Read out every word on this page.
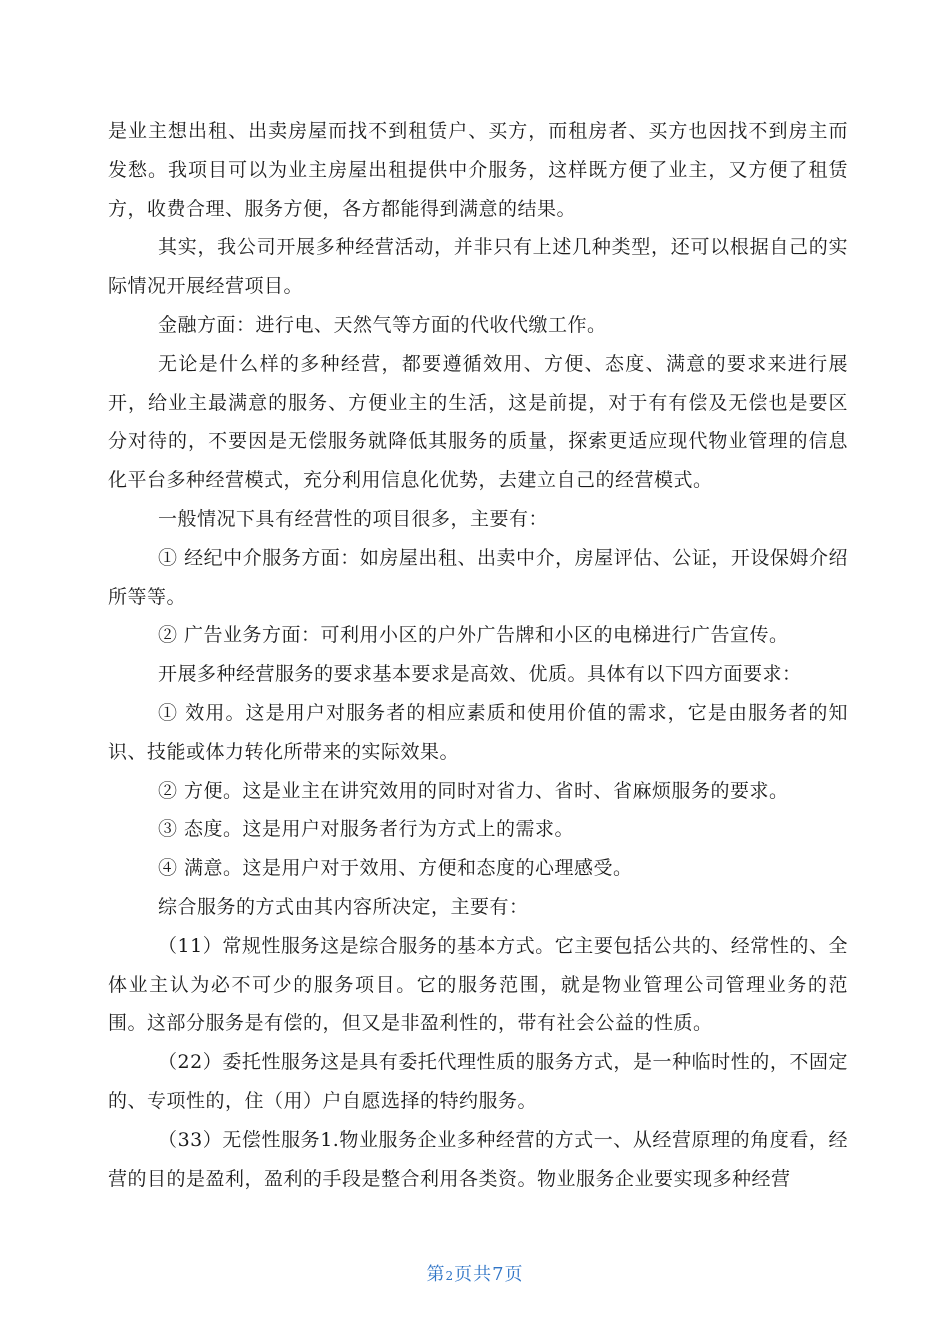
是业主想出租、出卖房屋而找不到租赁户、买方，而租房者、买方也因找不到房主而发愁。我项目可以为业主房屋出租提供中介服务，这样既方便了业主，又方便了租赁方，收费合理、服务方便，各方都能得到满意的结果。

其实，我公司开展多种经营活动，并非只有上述几种类型，还可以根据自己的实际情况开展经营项目。

金融方面：进行电、天然气等方面的代收代缴工作。

无论是什么样的多种经营，都要遵循效用、方便、态度、满意的要求来进行展开，给业主最满意的服务、方便业主的生活，这是前提，对于有有偿及无偿也是要区分对待的，不要因是无偿服务就降低其服务的质量，探索更适应现代物业管理的信息化平台多种经营模式，充分利用信息化优势，去建立自己的经营模式。

一般情况下具有经营性的项目很多，主要有：

① 经纪中介服务方面：如房屋出租、出卖中介，房屋评估、公证，开设保姆介绍所等等。

② 广告业务方面：可利用小区的户外广告牌和小区的电梯进行广告宣传。

开展多种经营服务的要求基本要求是高效、优质。具体有以下四方面要求：

① 效用。这是用户对服务者的相应素质和使用价值的需求，它是由服务者的知识、技能或体力转化所带来的实际效果。

② 方便。这是业主在讲究效用的同时对省力、省时、省麻烦服务的要求。

③ 态度。这是用户对服务者行为方式上的需求。

④ 满意。这是用户对于效用、方便和态度的心理感受。

综合服务的方式由其内容所决定，主要有：

（11）常规性服务这是综合服务的基本方式。它主要包括公共的、经常性的、全体业主认为必不可少的服务项目。它的服务范围，就是物业管理公司管理业务的范围。这部分服务是有偿的，但又是非盈利性的，带有社会公益的性质。

（22）委托性服务这是具有委托代理性质的服务方式，是一种临时性的，不固定的、专项性的，住（用）户自愿选择的特约服务。

（33）无偿性服务1.物业服务企业多种经营的方式一、从经营原理的角度看，经营的目的是盈利，盈利的手段是整合利用各类资。物业服务企业要实现多种经营

第2页共7页
